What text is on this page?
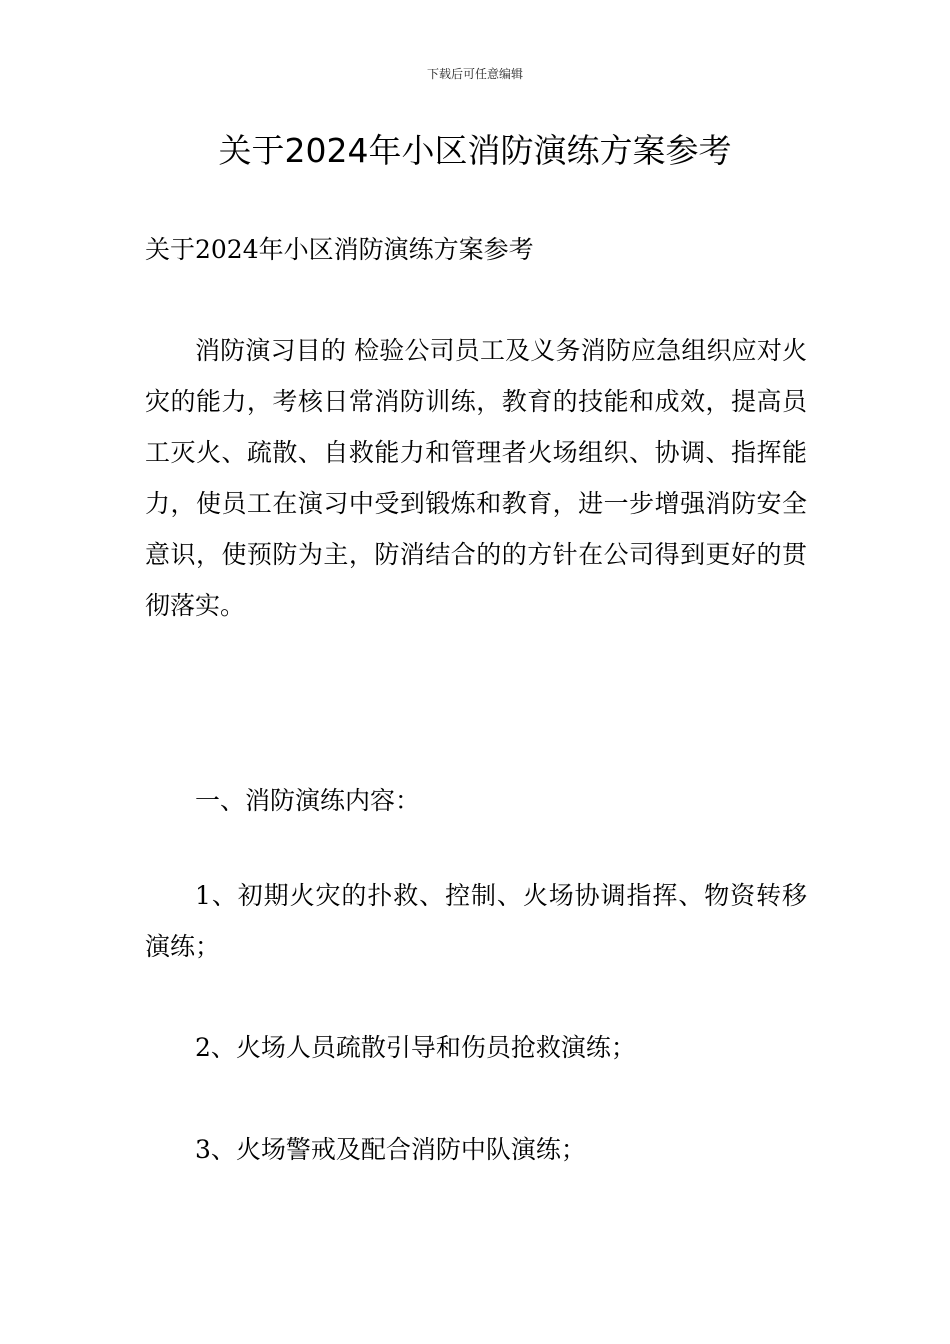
下载后可任意编辑
关于2024年小区消防演练方案参考

关于2024年小区消防演练方案参考

消防演习目的 检验公司员工及义务消防应急组织应对火灾的能力，考核日常消防训练，教育的技能和成效，提高员工灭火、疏散、自救能力和管理者火场组织、协调、指挥能力，使员工在演习中受到锻炼和教育，进一步增强消防安全意识，使预防为主，防消结合的的方针在公司得到更好的贯彻落实。

一、消防演练内容：

1、初期火灾的扑救、控制、火场协调指挥、物资转移演练；

2、火场人员疏散引导和伤员抢救演练；

3、火场警戒及配合消防中队演练；
